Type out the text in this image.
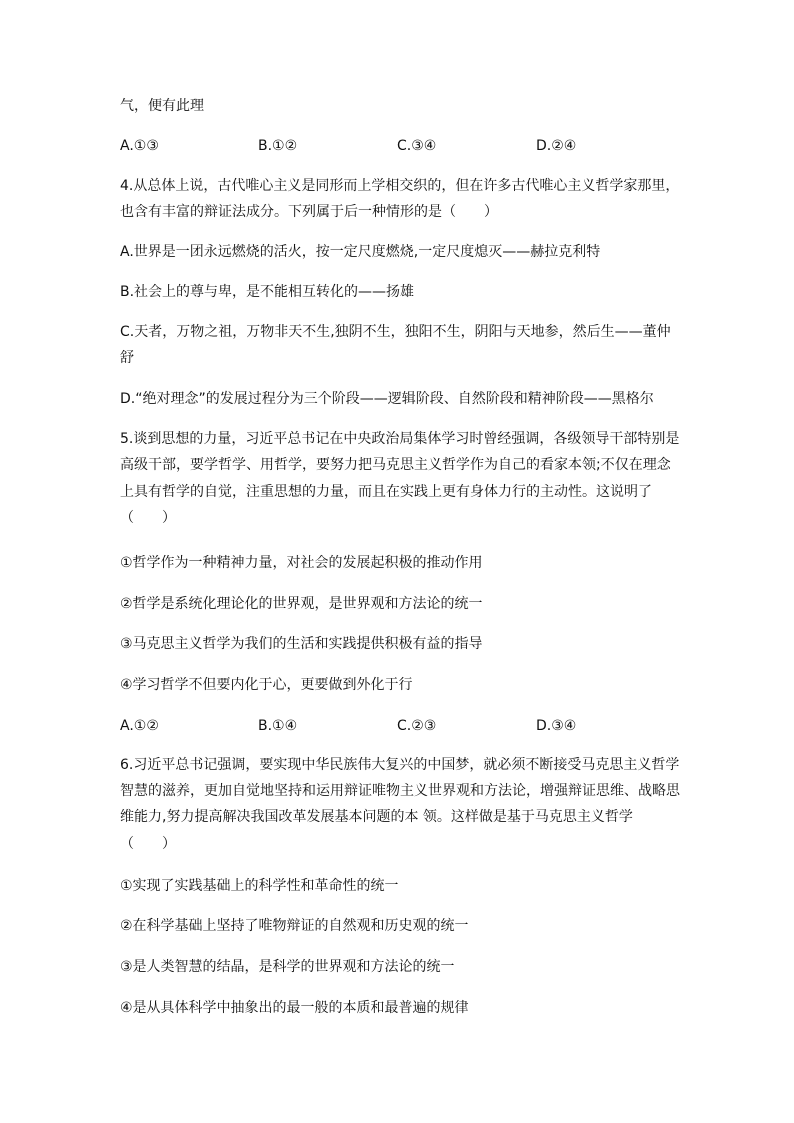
气，便有此理
A.①③	B.①②	C.③④	D.②④
4.从总体上说，古代唯心主义是同形而上学相交织的，但在许多古代唯心主义哲学家那里，
也含有丰富的辩证法成分。下列属于后一种情形的是（　　）
A.世界是一团永远燃烧的活火，按一定尺度燃烧,一定尺度熄灭——赫拉克利特
B.社会上的尊与卑，是不能相互转化的——扬雄
C.天者，万物之祖，万物非天不生,独阴不生，独阳不生，阴阳与天地参，然后生——董仲
舒
D.“绝对理念”的发展过程分为三个阶段——逻辑阶段、自然阶段和精神阶段——黑格尔
5.谈到思想的力量，习近平总书记在中央政治局集体学习时曾经强调，各级领导干部特别是
高级干部，要学哲学、用哲学，要努力把马克思主义哲学作为自己的看家本领;不仅在理念
上具有哲学的自觉，注重思想的力量，而且在实践上更有身体力行的主动性。这说明了
（　　）
①哲学作为一种精神力量，对社会的发展起积极的推动作用
②哲学是系统化理论化的世界观，是世界观和方法论的统一
③马克思主义哲学为我们的生活和实践提供积极有益的指导
④学习哲学不但要内化于心，更要做到外化于行
A.①②	B.①④	C.②③	D.③④
6.习近平总书记强调，要实现中华民族伟大复兴的中国梦，就必须不断接受马克思主义哲学
智慧的滋养，更加自觉地坚持和运用辩证唯物主义世界观和方法论，增强辩证思维、战略思
维能力,努力提高解决我国改革发展基本问题的本 领。这样做是基于马克思主义哲学
（　　）
①实现了实践基础上的科学性和革命性的统一
②在科学基础上坚持了唯物辩证的自然观和历史观的统一
③是人类智慧的结晶，是科学的世界观和方法论的统一
④是从具体科学中抽象出的最一般的本质和最普遍的规律
